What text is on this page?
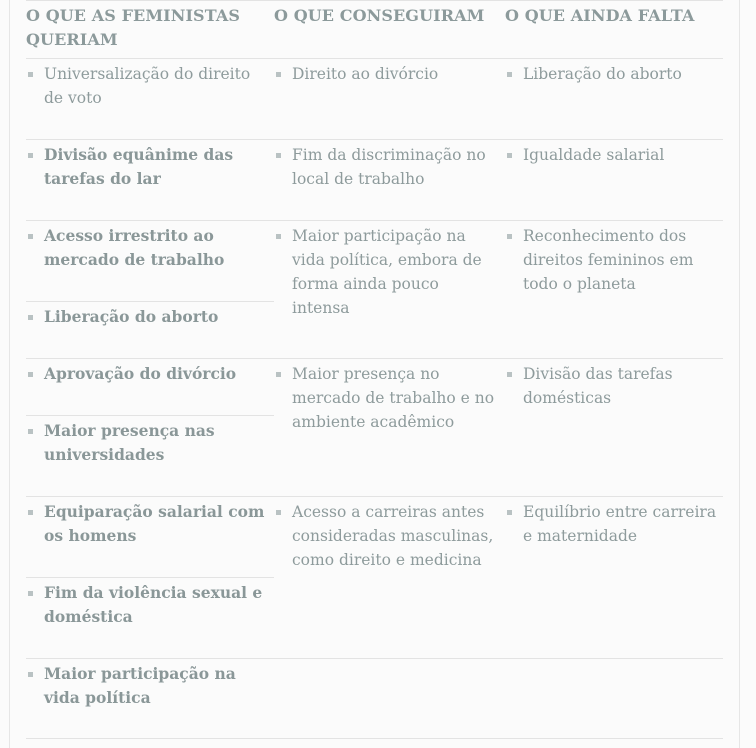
O QUE AS FEMINISTAS QUERIAM
O QUE CONSEGUIRAM	O QUE AINDA FALTA
Universalização do direito de voto
Divisão equânime das tarefas do lar
Acesso irrestrito ao mercado de trabalho
Liberação do aborto
Aprovação do divórcio
Maior presença nas universidades
Equiparação salarial com os homens
Fim da violência sexual e doméstica
Maior participação na vida política
Direito ao divórcio
Fim da discriminação no local de trabalho
Maior participação na vida política, embora de forma ainda pouco intensa
Maior presença no mercado de trabalho e no ambiente acadêmico
Acesso a carreiras antes consideradas masculinas, como direito e medicina
Liberação do aborto
Igualdade salarial
Reconhecimento dos direitos femininos em todo o planeta
Divisão das tarefas domésticas
Equilíbrio entre carreira e maternidade
